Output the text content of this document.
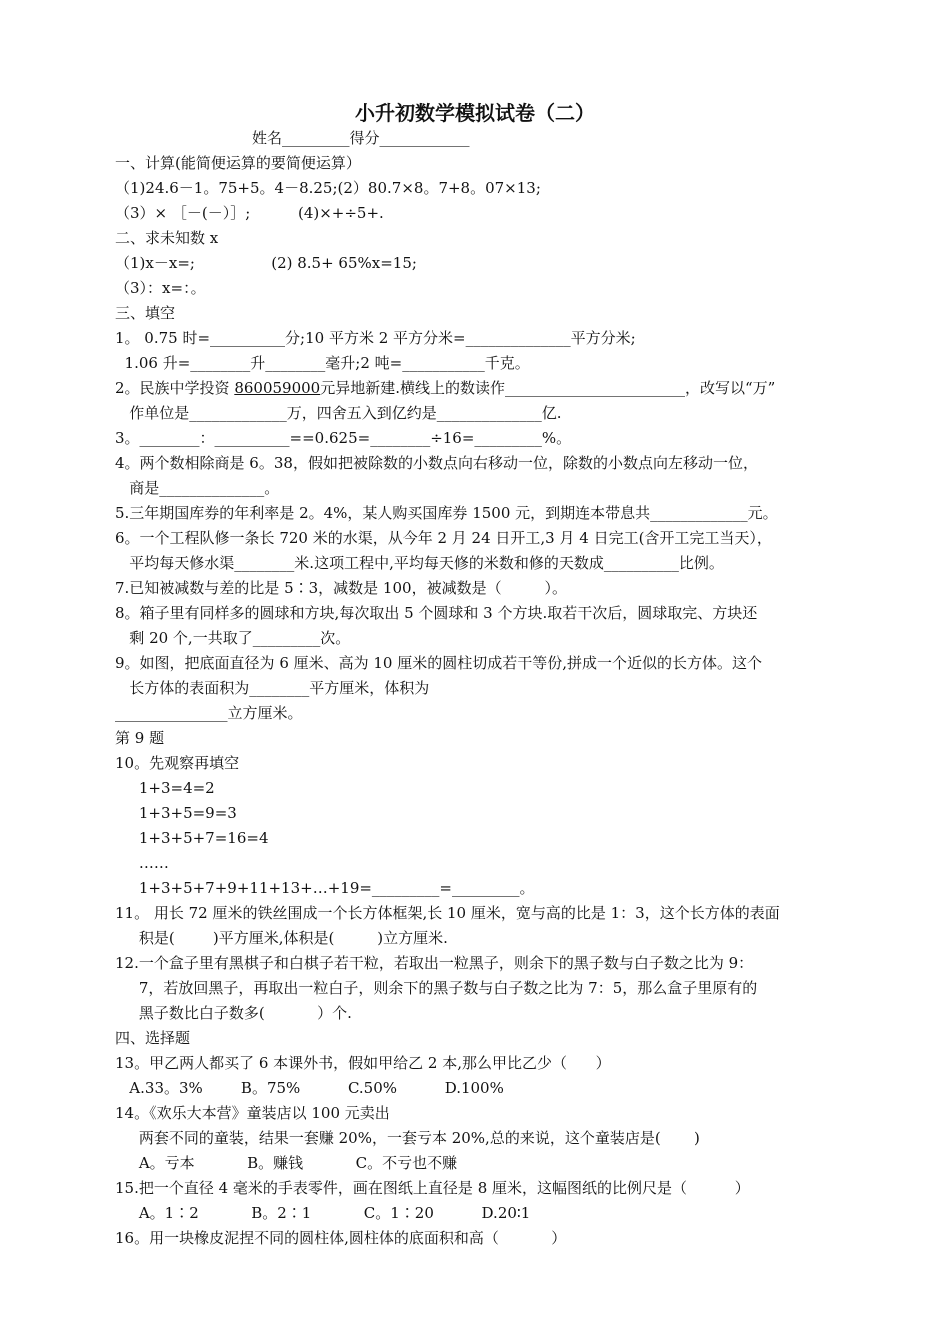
小升初数学模拟试卷（二）
姓名_________得分____________
一、计算(能简便运算的要简便运算）
（1)24.6－1。75+5。4－8.25;(2）80.7×8。7+8。07×13;
（3）× ［－(－）］;          (4)×+÷5+.
二、求未知数 x
（1)x－x=;                (2) 8.5+ 65%x=15;
（3）：x=：。
三、填空
1。 0.75 时=__________分;10 平方米 2 平方分米=______________平方分米;
1.06 升=________升________毫升;2 吨=___________千克。
2。民族中学投资 860059000元异地新建.横线上的数读作________________________，改写以“万”
作单位是_____________万，四舍五入到亿约是______________亿.
3。________：__________==0.625=________÷16=_________%。
4。两个数相除商是 6。38，假如把被除数的小数点向右移动一位，除数的小数点向左移动一位，
商是______________。
5.三年期国库券的年利率是 2。4%，某人购买国库券 1500 元，到期连本带息共_____________元。
6。一个工程队修一条长 720 米的水渠，从今年 2 月 24 日开工,3 月 4 日完工(含开工完工当天），
平均每天修水渠________米.这项工程中,平均每天修的米数和修的天数成__________比例。
7.已知被减数与差的比是 5∶3，减数是 100，被减数是（         ）。
8。箱子里有同样多的圆球和方块,每次取出 5 个圆球和 3 个方块.取若干次后，圆球取完、方块还
剩 20 个,一共取了_________次。
9。如图，把底面直径为 6 厘米、高为 10 厘米的圆柱切成若干等份,拼成一个近似的长方体。这个
长方体的表面积为________平方厘米，体积为
_______________立方厘米。
第 9 题
10。先观察再填空
1+3=4=2
1+3+5=9=3
1+3+5+7=16=4
……
1+3+5+7+9+11+13+…+19=_________=_________。
11。 用长 72 厘米的铁丝围成一个长方体框架,长 10 厘米，宽与高的比是 1：3，这个长方体的表面
积是(        )平方厘米,体积是(         )立方厘米.
12.一个盒子里有黑棋子和白棋子若干粒，若取出一粒黑子，则余下的黑子数与白子数之比为 9：
7，若放回黑子，再取出一粒白子，则余下的黑子数与白子数之比为 7：5，那么盒子里原有的
黑子数比白子数多(           ）个.
四、选择题
13。甲乙两人都买了 6 本课外书，假如甲给乙 2 本,那么甲比乙少（      ）
A.33。3%        B。75%          C.50%          D.100%
14。《欢乐大本营》童装店以 100 元卖出
两套不同的童装，结果一套赚 20%，一套亏本 20%,总的来说，这个童装店是(       )
A。亏本           B。赚钱           C。不亏也不赚
15.把一个直径 4 毫米的手表零件，画在图纸上直径是 8 厘米，这幅图纸的比例尺是（          ）
A。1∶2           B。2∶1           C。1∶20          D.20∶1
16。用一块橡皮泥捏不同的圆柱体,圆柱体的底面积和高（           ）
